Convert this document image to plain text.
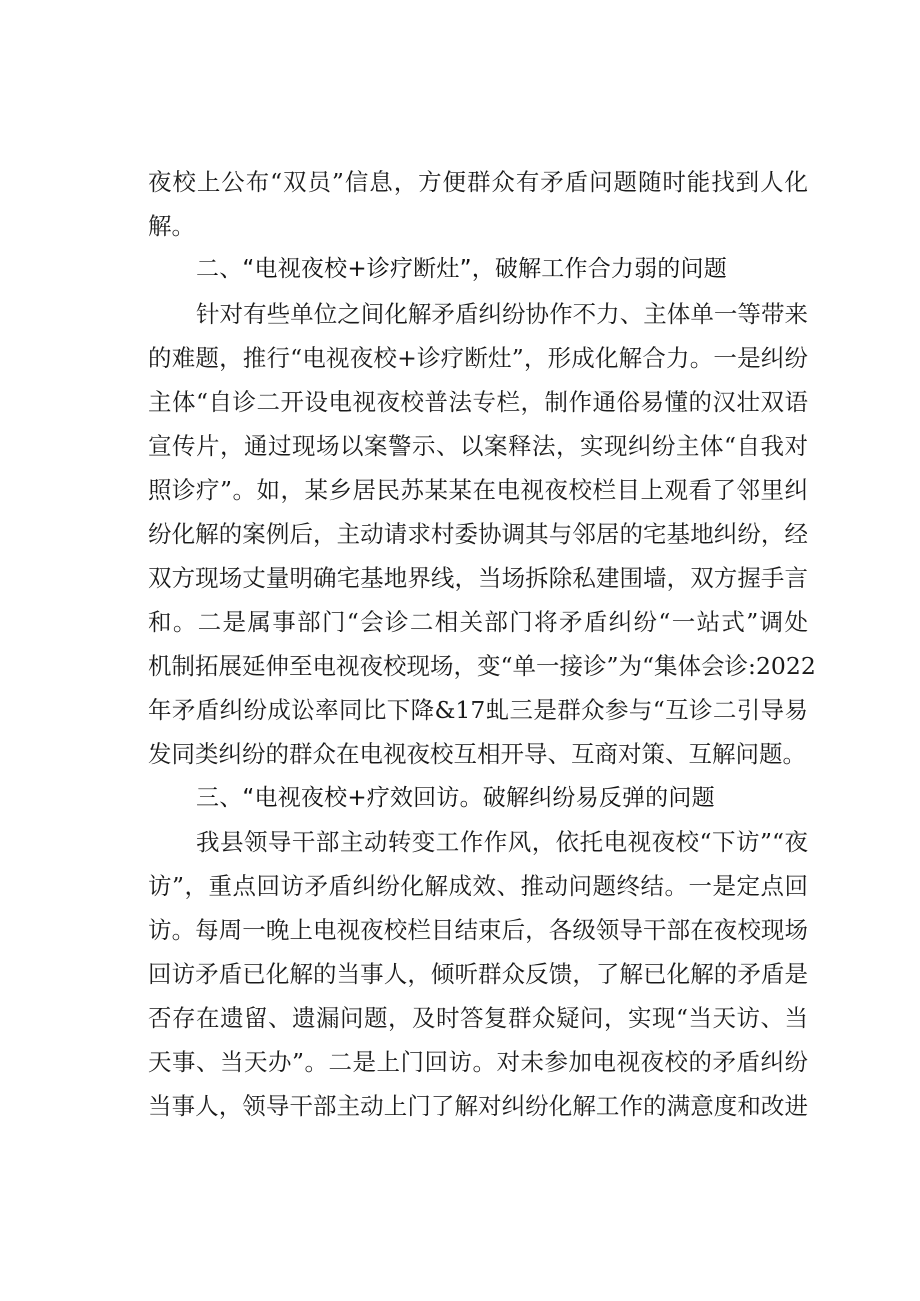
夜校上公布“双员”信息，方便群众有矛盾问题随时能找到人化
解。
二、“电视夜校+诊疗断灶”，破解工作合力弱的问题
针对有些单位之间化解矛盾纠纷协作不力、主体单一等带来
的难题，推行“电视夜校+诊疗断灶”，形成化解合力。一是纠纷
主体“自诊二开设电视夜校普法专栏，制作通俗易懂的汉壮双语
宣传片，通过现场以案警示、以案释法，实现纠纷主体“自我对
照诊疗”。如，某乡居民苏某某在电视夜校栏目上观看了邻里纠
纷化解的案例后，主动请求村委协调其与邻居的宅基地纠纷，经
双方现场丈量明确宅基地界线，当场拆除私建围墙，双方握手言
和。二是属事部门“会诊二相关部门将矛盾纠纷“一站式”调处
机制拓展延伸至电视夜校现场，变“单一接诊”为“集体会诊:2022
年矛盾纠纷成讼率同比下降&17虬三是群众参与“互诊二引导易
发同类纠纷的群众在电视夜校互相开导、互商对策、互解问题。
三、“电视夜校+疗效回访。破解纠纷易反弹的问题
我县领导干部主动转变工作作风，依托电视夜校“下访”“夜
访”，重点回访矛盾纠纷化解成效、推动问题终结。一是定点回
访。每周一晚上电视夜校栏目结束后，各级领导干部在夜校现场
回访矛盾已化解的当事人，倾听群众反馈，了解已化解的矛盾是
否存在遗留、遗漏问题，及时答复群众疑问，实现“当天访、当
天事、当天办”。二是上门回访。对未参加电视夜校的矛盾纠纷
当事人，领导干部主动上门了解对纠纷化解工作的满意度和改进
